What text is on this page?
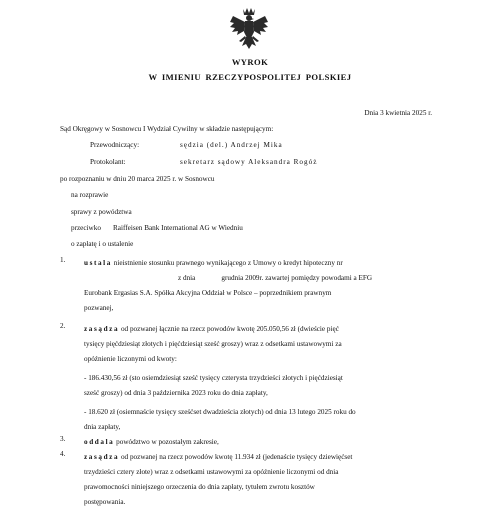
WYROK
W IMIENIU RZECZYPOSPOLITEJ POLSKIEJ
Dnia 3 kwietnia 2025 r.
Sąd Okręgowy w Sosnowcu I Wydział Cywilny w składzie następującym:
Przewodniczący:	sędzia (del.) Andrzej Mika
Protokolant:	sekretarz sądowy Aleksandra Rogóż
po rozpoznaniu w dniu 20 marca 2025 r. w Sosnowcu
na rozprawie
sprawy z powództwa
przeciwko Raiffeisen Bank International AG w Wiedniu
o zapłatę i o ustalenie
1.	ustala nieistnienie stosunku prawnego wynikającego z Umowy o kredyt hipoteczny nr

z dnia	grudnia 2009r. zawartej pomiędzy powodami a EFG

Eurobank Ergasias S.A. Spółka Akcyjna Oddział w Polsce – poprzednikiem prawnym

pozwanej,

2.	zasądza od pozwanej łącznie na rzecz powodów kwotę 205.050,56 zł (dwieście pięć

tysięcy pięćdziesiąt złotych i pięćdziesiąt sześć groszy) wraz z odsetkami ustawowymi za

opóźnienie liczonymi od kwoty:

- 186.430,56 zł (sto osiemdziesiąt sześć tysięcy czterysta trzydzieści złotych i pięćdziesiąt

sześć groszy) od dnia 3 października 2023 roku do dnia zapłaty,

- 18.620 zł (osiemnaście tysięcy sześćset dwadzieścia złotych) od dnia 13 lutego 2025 roku do

dnia zapłaty,

3.	oddala powództwo w pozostałym zakresie,

4.	zasądza od pozwanej na rzecz powodów kwotę 11.934 zł (jedenaście tysięcy dziewięćset

trzydzieści cztery złote) wraz z odsetkami ustawowymi za opóźnienie liczonymi od dnia

prawomocności niniejszego orzeczenia do dnia zapłaty, tytułem zwrotu kosztów

postępowania.
